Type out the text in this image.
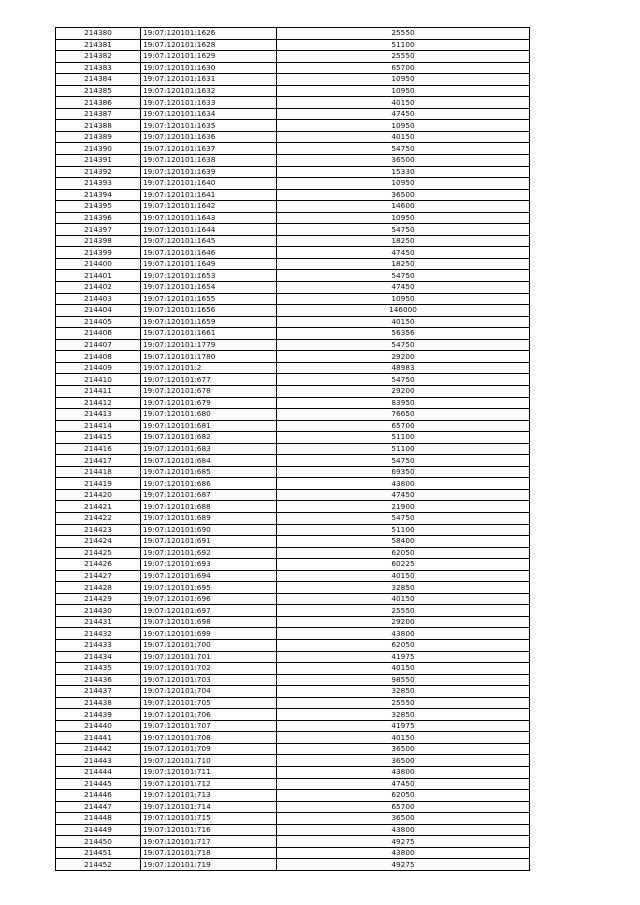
214380	19:07:120101:1626	25550
214381	19:07:120101:1628	51100
214382	19:07:120101:1629	25550
214383	19:07:120101:1630	65700
214384	19:07:120101:1631	10950
214385	19:07:120101:1632	10950
214386	19:07:120101:1633	40150
214387	19:07:120101:1634	47450
214388	19:07:120101:1635	10950
214389	19:07:120101:1636	40150
214390	19:07:120101:1637	54750
214391	19:07:120101:1638	36500
214392	19:07:120101:1639	15330
214393	19:07:120101:1640	10950
214394	19:07:120101:1641	36500
214395	19:07:120101:1642	14600
214396	19:07:120101:1643	10950
214397	19:07:120101:1644	54750
214398	19:07:120101:1645	18250
214399	19:07:120101:1646	47450
214400	19:07:120101:1649	18250
214401	19:07:120101:1653	54750
214402	19:07:120101:1654	47450
214403	19:07:120101:1655	10950
214404	19:07:120101:1656	146000
214405	19:07:120101:1659	40150
214406	19:07:120101:1661	56356
214407	19:07:120101:1779	54750
214408	19:07:120101:1780	29200
214409	19:07:120101:2	48983
214410	19:07:120101:677	54750
214411	19:07:120101:678	29200
214412	19:07:120101:679	83950
214413	19:07:120101:680	76650
214414	19:07:120101:681	65700
214415	19:07:120101:682	51100
214416	19:07:120101:683	51100
214417	19:07:120101:684	54750
214418	19:07:120101:685	69350
214419	19:07:120101:686	43800
214420	19:07:120101:687	47450
214421	19:07:120101:688	21900
214422	19:07:120101:689	54750
214423	19:07:120101:690	51100
214424	19:07:120101:691	58400
214425	19:07:120101:692	62050
214426	19:07:120101:693	60225
214427	19:07:120101:694	40150
214428	19:07:120101:695	32850
214429	19:07:120101:696	40150
214430	19:07:120101:697	25550
214431	19:07:120101:698	29200
214432	19:07:120101:699	43800
214433	19:07:120101:700	62050
214434	19:07:120101:701	41975
214435	19:07:120101:702	40150
214436	19:07:120101:703	98550
214437	19:07:120101:704	32850
214438	19:07:120101:705	25550
214439	19:07:120101:706	32850
214440	19:07:120101:707	41975
214441	19:07:120101:708	40150
214442	19:07:120101:709	36500
214443	19:07:120101:710	36500
214444	19:07:120101:711	43800
214445	19:07:120101:712	47450
214446	19:07:120101:713	62050
214447	19:07:120101:714	65700
214448	19:07:120101:715	36500
214449	19:07:120101:716	43800
214450	19:07:120101:717	49275
214451	19:07:120101:718	43800
214452	19:07:120101:719	49275
